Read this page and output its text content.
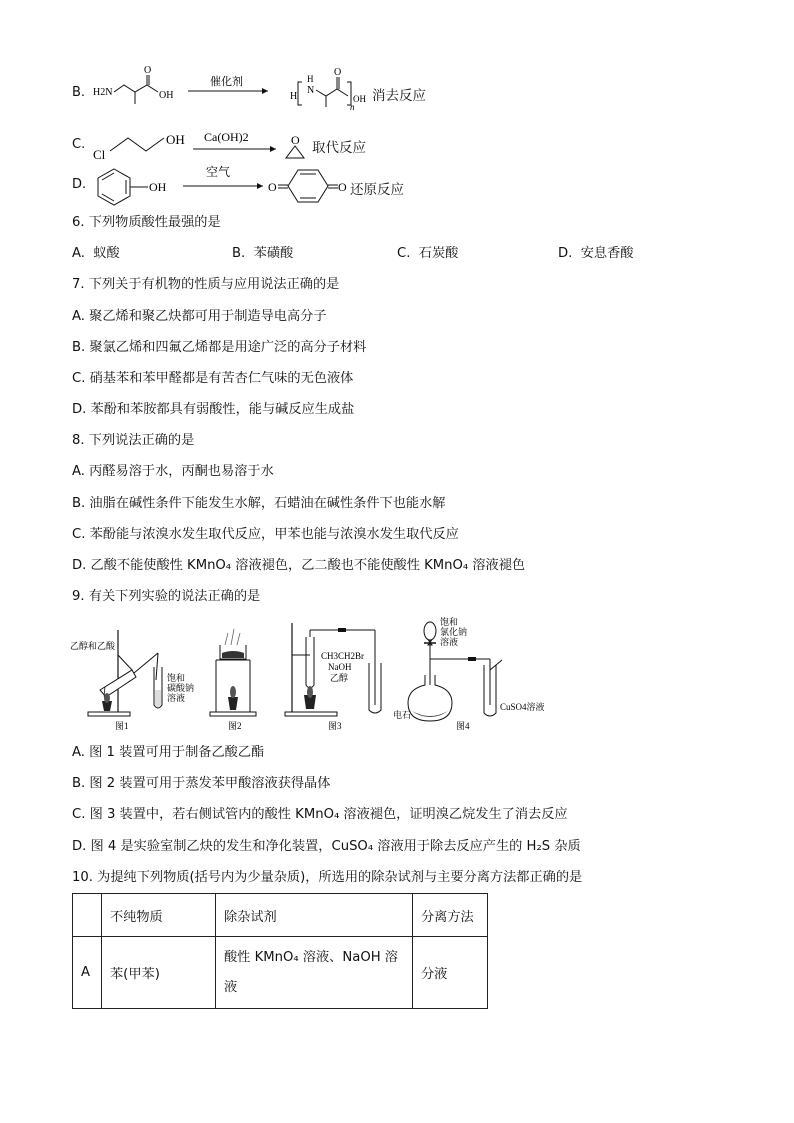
B. H2N
O
OH
催化剂
H
H
N
O
OH
n
消去反应
C.
Cl
OH Ca(OH)2	O 取代反应
D.	OH
空气
O	O 还原反应
6. 下列物质酸性最强的是
A. 蚁酸	B. 苯磺酸	C. 石炭酸	D. 安息香酸
7. 下列关于有机物的性质与应用说法正确的是
A. 聚乙烯和聚乙炔都可用于制造导电高分子
B. 聚氯乙烯和四氟乙烯都是用途广泛的高分子材料
C. 硝基苯和苯甲醛都是有苦杏仁气味的无色液体
D. 苯酚和苯胺都具有弱酸性，能与碱反应生成盐
8. 下列说法正确的是
A. 丙醛易溶于水，丙酮也易溶于水
B. 油脂在碱性条件下能发生水解，石蜡油在碱性条件下也能水解
C. 苯酚能与浓溴水发生取代反应，甲苯也能与浓溴水发生取代反应
D. 乙酸不能使酸性 KMnO₄ 溶液褪色，乙二酸也不能使酸性 KMnO₄ 溶液褪色
9. 有关下列实验的说法正确的是
乙醇和乙酸
饱和
碳酸钠
溶液
图1	图2
CH3CH2Br
NaOH
乙醇
图3
饱和
氯化钠
溶液
电石
CuSO4溶液
图4
A. 图 1 装置可用于制备乙酸乙酯
B. 图 2 装置可用于蒸发苯甲酸溶液获得晶体
C. 图 3 装置中，若右侧试管内的酸性 KMnO₄ 溶液褪色，证明溴乙烷发生了消去反应
D. 图 4 是实验室制乙炔的发生和净化装置，CuSO₄ 溶液用于除去反应产生的 H₂S 杂质
10. 为提纯下列物质(括号内为少量杂质)，所选用的除杂试剂与主要分离方法都正确的是
	不纯物质	除杂试剂	分离方法
A	苯(甲苯)	酸性 KMnO₄ 溶液、NaOH 溶液	分液
